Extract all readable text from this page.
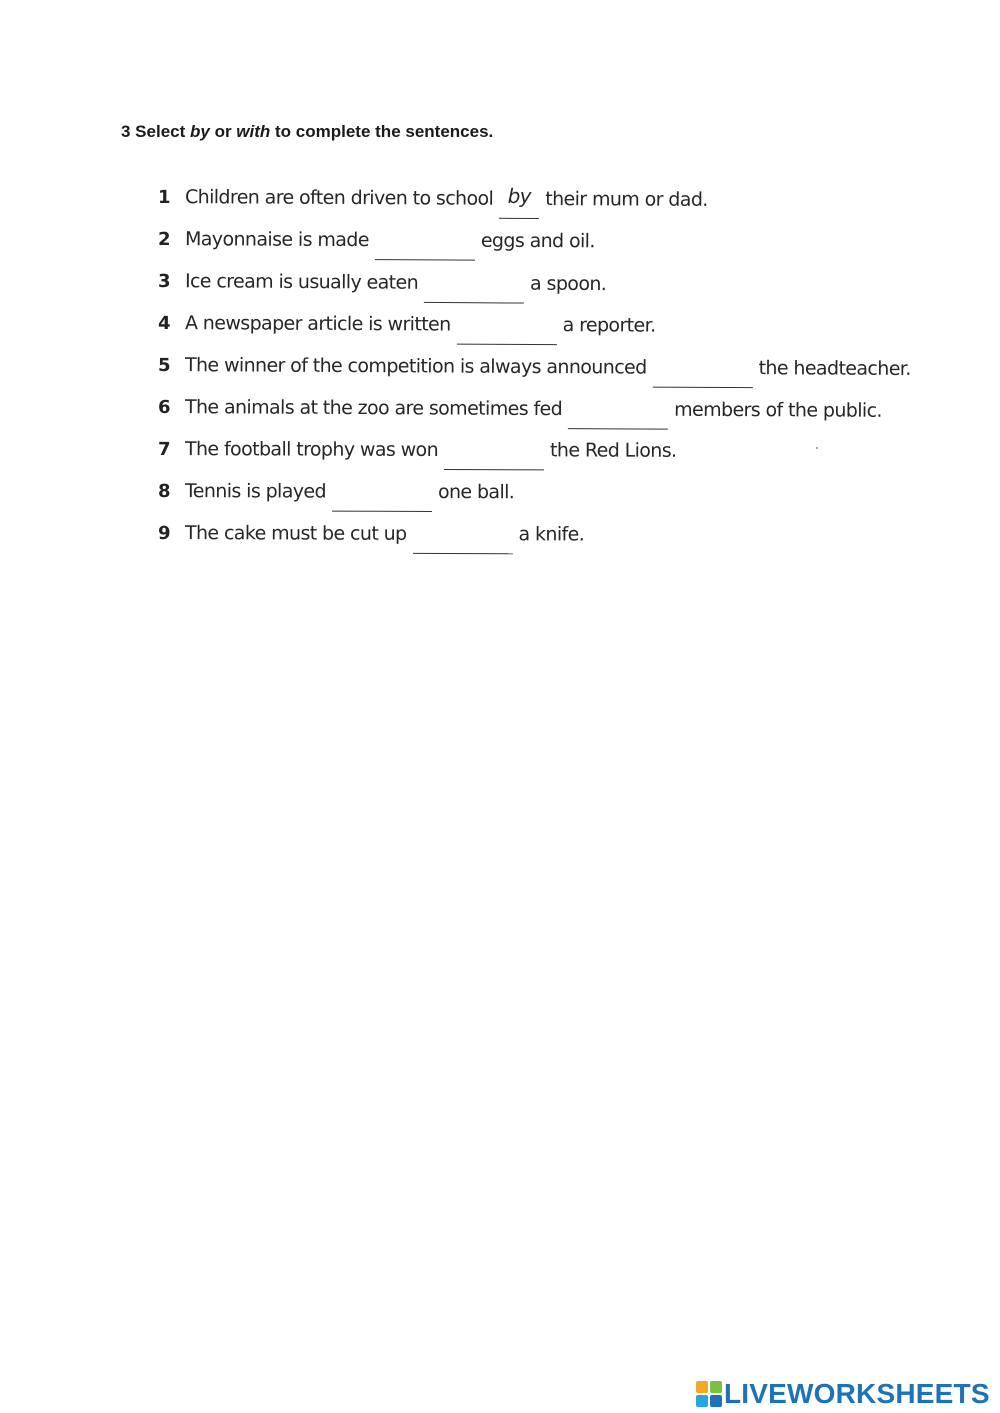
3 Select by or with to complete the sentences.
1 Children are often driven to school by their mum or dad.
2 Mayonnaise is made	eggs and oil.
3 Ice cream is usually eaten	a spoon.
4 A newspaper article is written	a reporter.
5 The winner of the competition is always announced	the headteacher.
6 The animals at the zoo are sometimes fed	members of the public.
7 The football trophy was won	the Red Lions.
8 Tennis is played	one ball.
9 The cake must be cut up	a knife.
LIVEWORKSHEETS
